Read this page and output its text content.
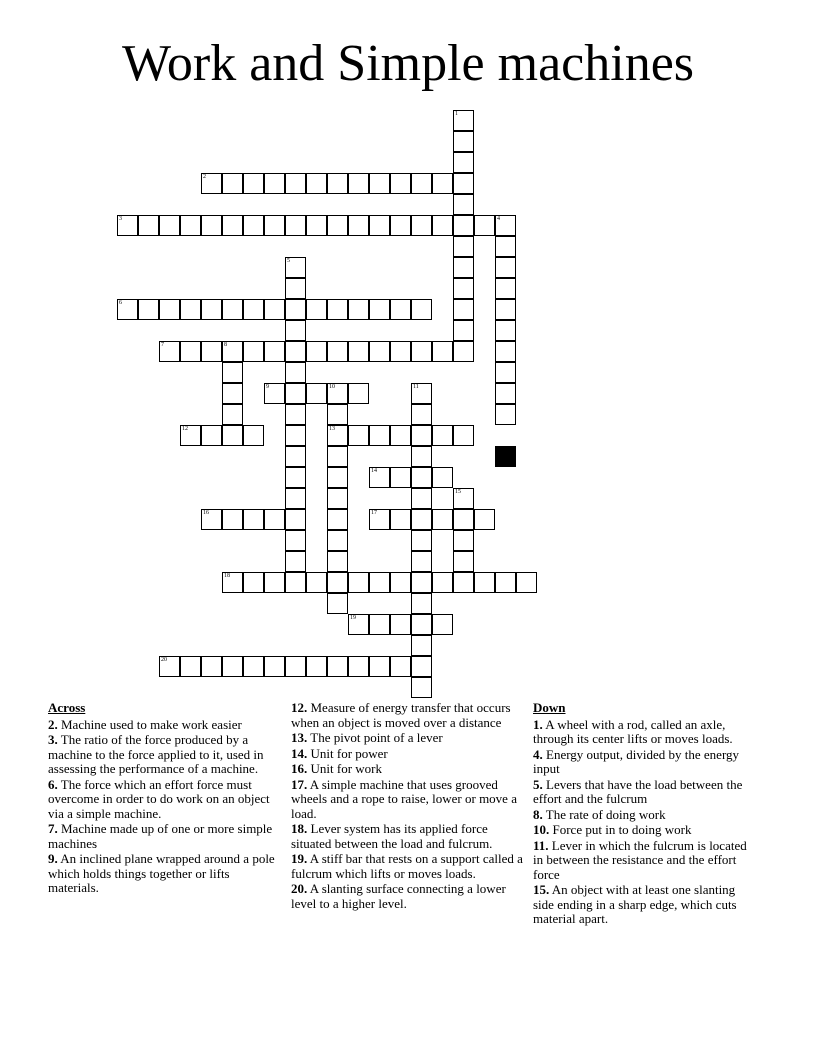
Work and Simple machines
1
2
3	4
5
6
7	8
9	10
13
11
12
14
15
16	17
18
19
20
Across
2. Machine used to make work easier
3. The ratio of the force produced by a machine to the force applied to it, used in assessing the performance of a machine.
6. The force which an effort force must overcome in order to do work on an object via a simple machine.
7. Machine made up of one or more simple machines
9. An inclined plane wrapped around a pole which holds things together or lifts materials.
12. Measure of energy transfer that occurs when an object is moved over a distance
13. The pivot point of a lever
14. Unit for power
16. Unit for work
17. A simple machine that uses grooved wheels and a rope to raise, lower or move a load.
18. Lever system has its applied force situated between the load and fulcrum.
19. A stiff bar that rests on a support called a fulcrum which lifts or moves loads.
20. A slanting surface connecting a lower level to a higher level.
Down
1. A wheel with a rod, called an axle, through its center lifts or moves loads.
4. Energy output, divided by the energy input
5. Levers that have the load between the effort and the fulcrum
8. The rate of doing work
10. Force put in to doing work
11. Lever in which the fulcrum is located in between the resistance and the effort force
15. An object with at least one slanting side ending in a sharp edge, which cuts material apart.
